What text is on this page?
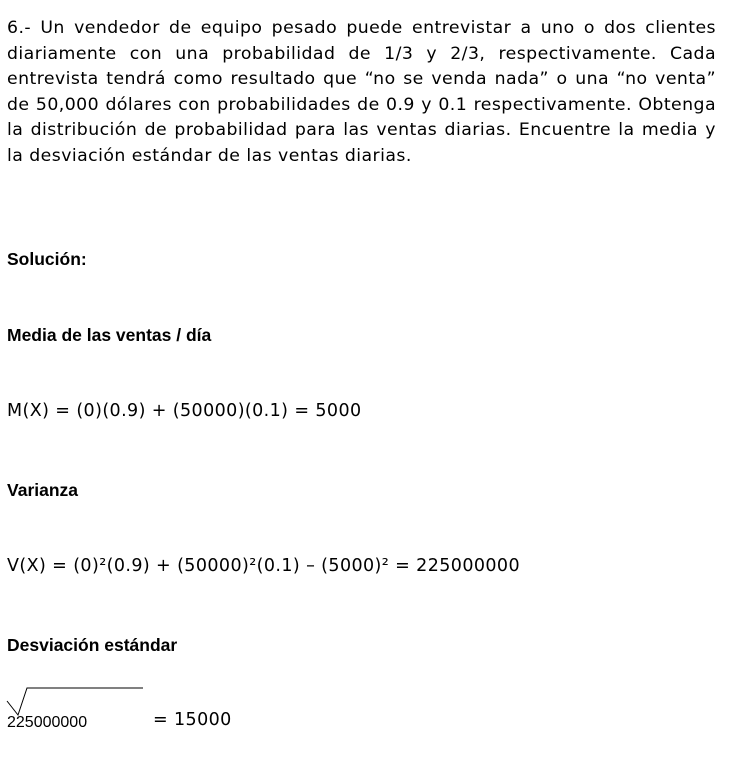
6.- Un vendedor de equipo pesado puede entrevistar a uno o dos clientes diariamente con una probabilidad de 1/3 y 2/3, respectivamente. Cada entrevista tendrá como resultado que “no se venda nada” o una “no venta” de 50,000 dólares con probabilidades de 0.9 y 0.1 respectivamente. Obtenga la distribución de probabilidad para las ventas diarias. Encuentre la media y la desviación estándar de las ventas diarias.

Solución:

Media de las ventas / día

M(X) = (0)(0.9) + (50000)(0.1) = 5000

Varianza

V(X) = (0)²(0.9) + (50000)²(0.1) – (5000)² = 225000000

Desviación estándar

225000000	= 15000
